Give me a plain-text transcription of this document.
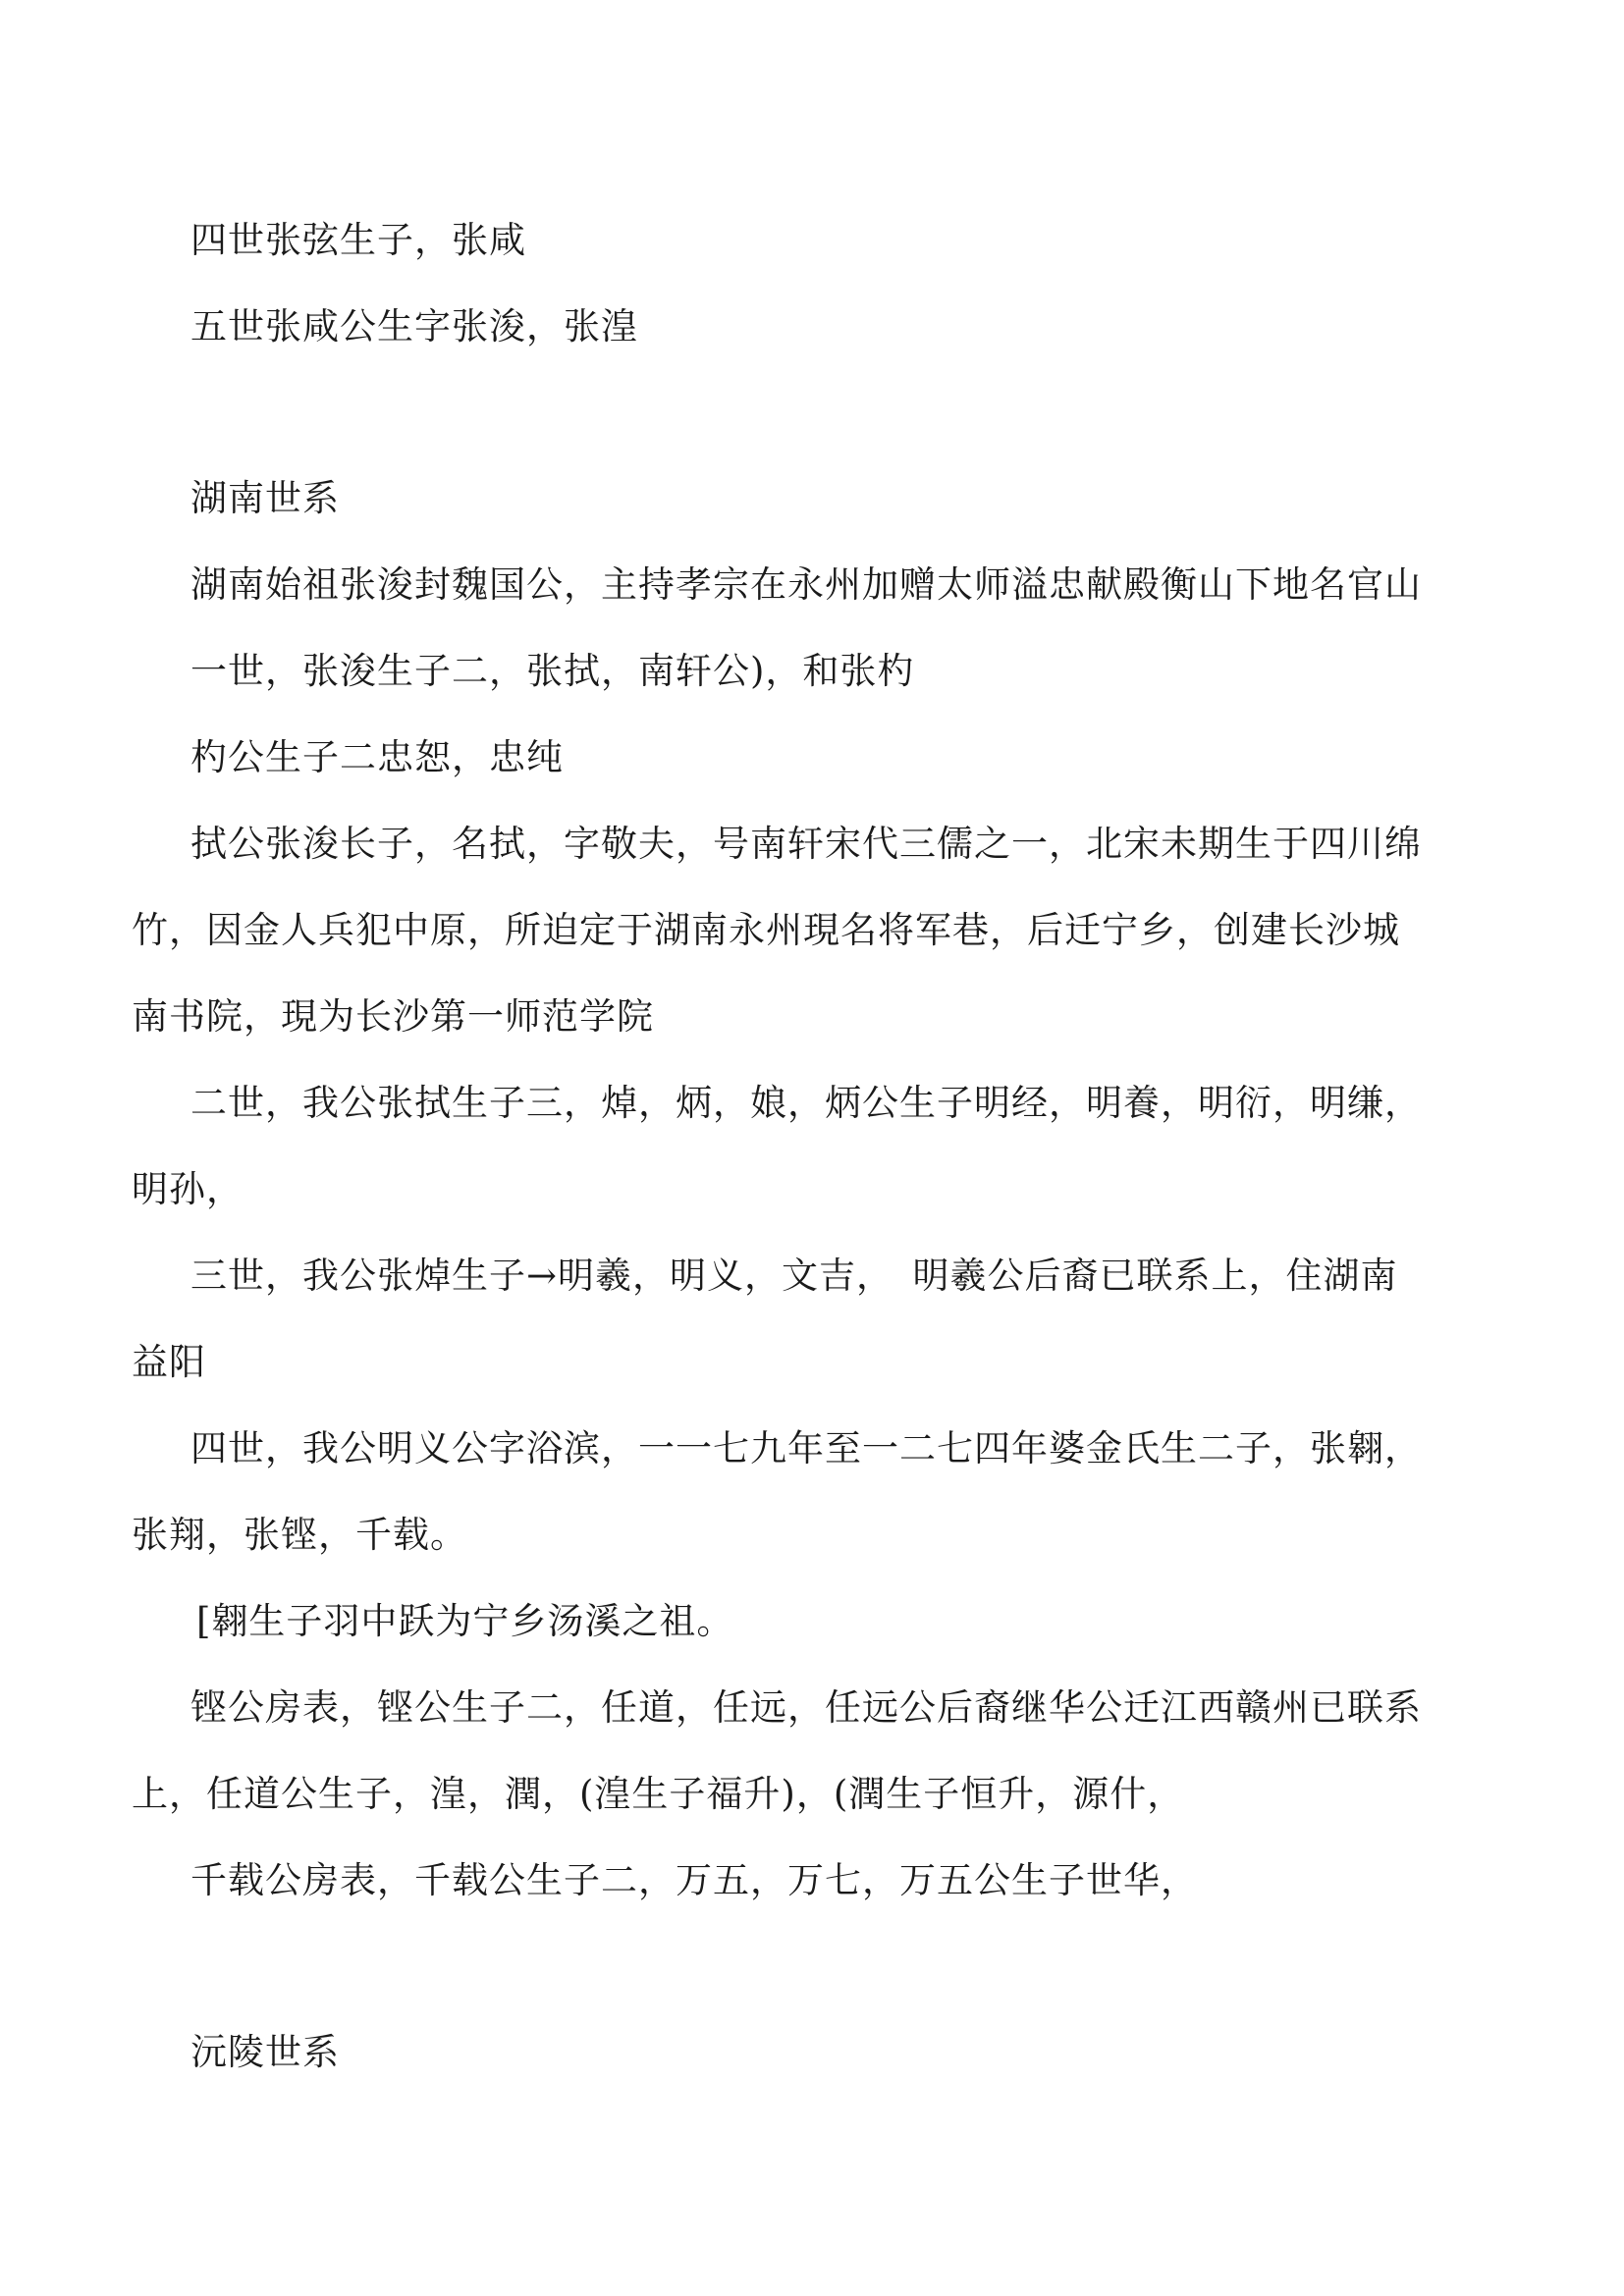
四世张弦生子，张咸
五世张咸公生字张浚，张湟
湖南世系
湖南始祖张浚封魏国公，主持孝宗在永州加赠太师溢忠献殿衡山下地名官山
一世，张浚生子二，张拭，南轩公)，和张杓
杓公生子二忠恕，忠纯
拭公张浚长子，名拭，字敬夫，号南轩宋代三儒之一，北宋未期生于四川绵
竹，因金人兵犯中原，所迫定于湖南永州現名将军巷，后迁宁乡，创建长沙城
南书院，現为长沙第一师范学院
二世，我公张拭生子三，焯，炳，娘，炳公生子明经，明養，明衍，明缣，
明孙，
三世，我公张焯生子→明羲，明义，文吉，　明羲公后裔已联系上，住湖南
益阳
四世，我公明义公字浴滨，一一七九年至一二七四年婆金氏生二子，张翱，
张翔，张铿，千载。
[翱生子羽中跃为宁乡汤溪之祖。
铿公房表，铿公生子二，任道，任远，任远公后裔继华公迁江西赣州已联系
上，任道公生子，湟，潤，(湟生子福升)，(潤生子恒升，源什，
千载公房表，千载公生子二，万五，万七，万五公生子世华，
沅陵世系
